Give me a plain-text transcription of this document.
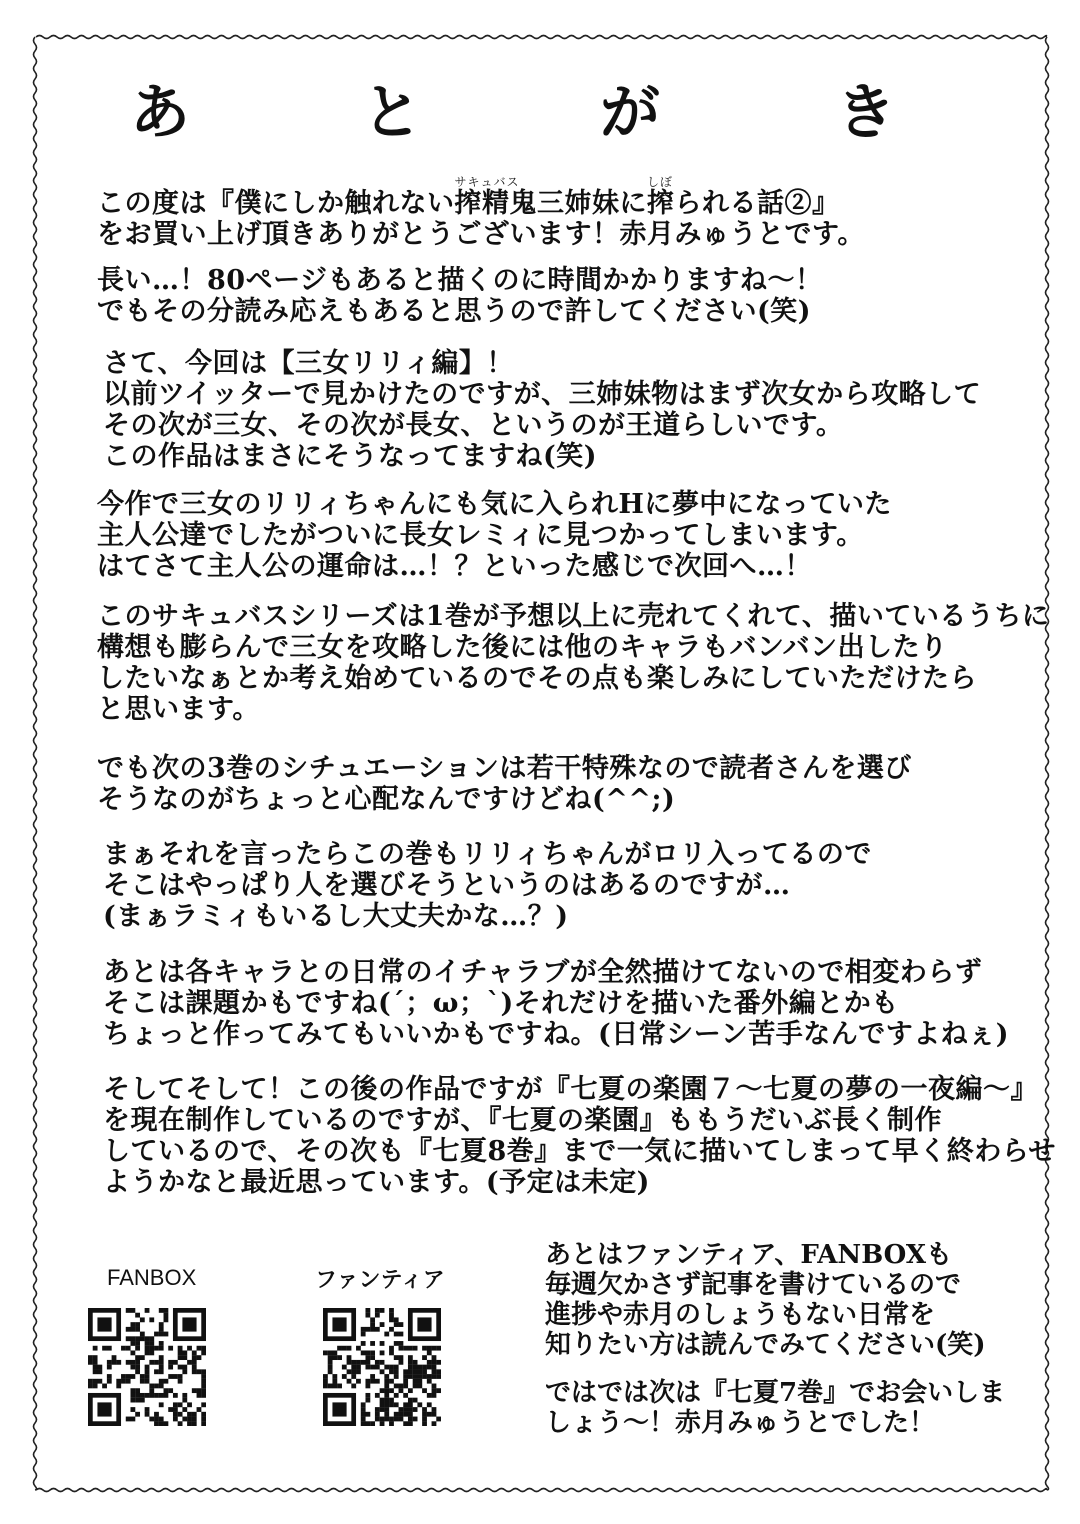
あ	と	が	き
この度は『僕にしか触れない
サキュバス
搾精鬼三姉妹に
しぼ
搾られる話②』
をお買い上げ頂きありがとうございます！赤月みゅうとです。
長い…！80ページもあると描くのに時間かかりますね～！
でもその分読み応えもあると思うので許してください(笑)
さて、今回は【三女リリィ編】！
以前ツイッターで見かけたのですが、三姉妹物はまず次女から攻略して
その次が三女、その次が長女、というのが王道らしいです。
この作品はまさにそうなってますね(笑)
今作で三女のリリィちゃんにも気に入られHに夢中になっていた
主人公達でしたがついに長女レミィに見つかってしまいます。
はてさて主人公の運命は…！？といった感じで次回へ…！
このサキュバスシリーズは1巻が予想以上に売れてくれて、描いているうちに
構想も膨らんで三女を攻略した後には他のキャラもバンバン出したり
したいなぁとか考え始めているのでその点も楽しみにしていただけたら
と思います。
でも次の3巻のシチュエーションは若干特殊なので読者さんを選び
そうなのがちょっと心配なんですけどね(^^;)
まぁそれを言ったらこの巻もリリィちゃんがロリ入ってるので
そこはやっぱり人を選びそうというのはあるのですが…
(まぁラミィもいるし大丈夫かな…？)
あとは各キャラとの日常のイチャラブが全然描けてないので相変わらず
そこは課題かもですね(´；ω；`)それだけを描いた番外編とかも
ちょっと作ってみてもいいかもですね。(日常シーン苦手なんですよねぇ)
そしてそして！この後の作品ですが『七夏の楽園７～七夏の夢の一夜編～』
を現在制作しているのですが、『七夏の楽園』ももうだいぶ長く制作
しているので、その次も『七夏8巻』まで一気に描いてしまって早く終わらせ
ようかなと最近思っています。(予定は未定)
FANBOX	ファンティア
あとはファンティア、FANBOXも
毎週欠かさず記事を書けているので
進捗や赤月のしょうもない日常を
知りたい方は読んでみてください(笑)
ではでは次は『七夏7巻』でお会いしま
しょう～！赤月みゅうとでした！
